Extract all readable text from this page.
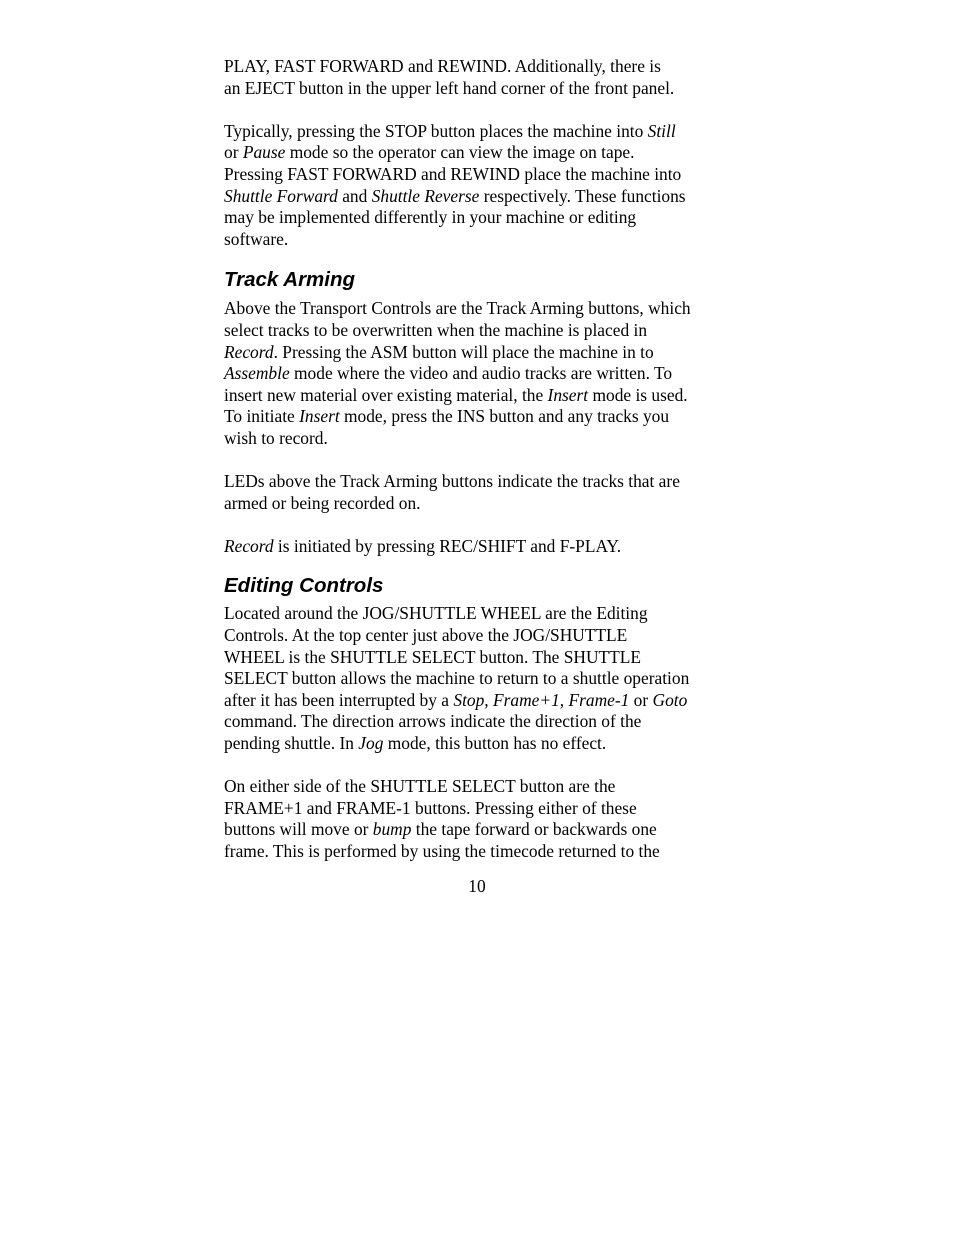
PLAY, FAST FORWARD and REWIND. Additionally, there is
an EJECT button in the upper left hand corner of the front panel.

Typically, pressing the STOP button places the machine into Still
or Pause mode so the operator can view the image on tape.
Pressing FAST FORWARD and REWIND place the machine into
Shuttle Forward and Shuttle Reverse respectively. These functions
may be implemented differently in your machine or editing
software.

Track Arming

Above the Transport Controls are the Track Arming buttons, which
select tracks to be overwritten when the machine is placed in
Record. Pressing the ASM button will place the machine in to
Assemble mode where the video and audio tracks are written. To
insert new material over existing material, the Insert mode is used.
To initiate Insert mode, press the INS button and any tracks you
wish to record.

LEDs above the Track Arming buttons indicate the tracks that are
armed or being recorded on.

Record is initiated by pressing REC/SHIFT and F-PLAY.

Editing Controls

Located around the JOG/SHUTTLE WHEEL are the Editing
Controls. At the top center just above the JOG/SHUTTLE
WHEEL is the SHUTTLE SELECT button. The SHUTTLE
SELECT button allows the machine to return to a shuttle operation
after it has been interrupted by a Stop, Frame+1, Frame-1 or Goto
command. The direction arrows indicate the direction of the
pending shuttle. In Jog mode, this button has no effect.

On either side of the SHUTTLE SELECT button are the
FRAME+1 and FRAME-1 buttons. Pressing either of these
buttons will move or bump the tape forward or backwards one
frame. This is performed by using the timecode returned to the

10
